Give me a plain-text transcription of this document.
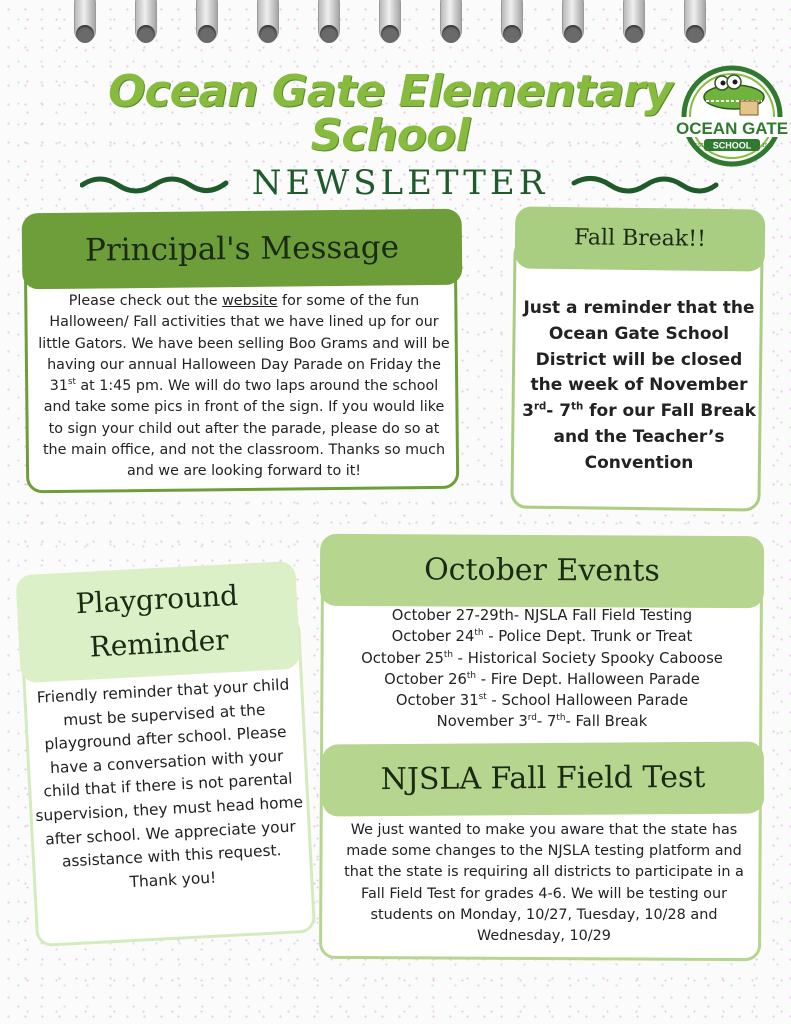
Ocean Gate Elementary
School
NEWSLETTER
OCEAN GATE
SCHOOL
EST.	1964
Principal's Message
Please check out the website for some of the fun Halloween/ Fall activities that we have lined up for our little Gators. We have been selling Boo Grams and will be having our annual Halloween Day Parade on Friday the 31st at 1:45 pm. We will do two laps around the school and take some pics in front of the sign. If you would like to sign your child out after the parade, please do so at the main office, and not the classroom. Thanks so much and we are looking forward to it!
Fall Break!!
Just a reminder that the Ocean Gate School District will be closed the week of November 3rd- 7th for our Fall Break and the Teacher’s Convention
Playground
Reminder
Friendly reminder that your child must be supervised at the playground after school. Please have a conversation with your child that if there is not parental supervision, they must head home after school. We appreciate your assistance with this request. Thank you!
October Events
October 27-29th- NJSLA Fall Field Testing
October 24th - Police Dept. Trunk or Treat
October 25th - Historical Society Spooky Caboose
October 26th - Fire Dept. Halloween Parade
October 31st - School Halloween Parade
November 3rd- 7th- Fall Break
NJSLA Fall Field Test
We just wanted to make you aware that the state has made some changes to the NJSLA testing platform and that the state is requiring all districts to participate in a Fall Field Test for grades 4-6. We will be testing our students on Monday, 10/27, Tuesday, 10/28 and Wednesday, 10/29
